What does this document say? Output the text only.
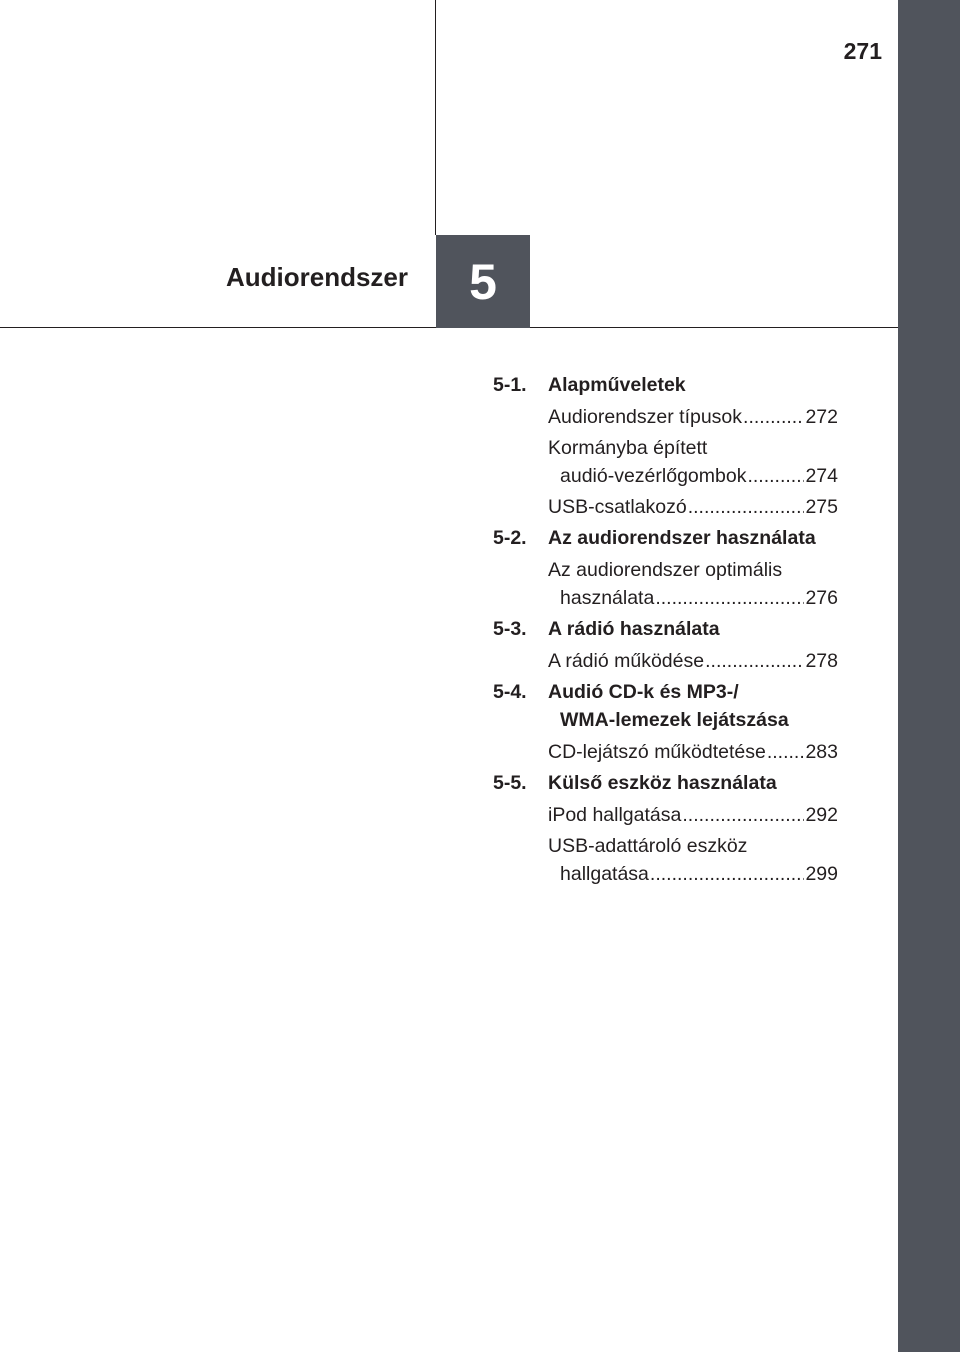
271
Audiorendszer 5
5-1.	Alapműveletek
Audiorendszer típusok .....	272
Kormányba épített
audió-vezérlőgombok .....	274
USB-csatlakozó .....	275
5-2.	Az audiorendszer használata
Az audiorendszer optimális
használata .....	276
5-3.	A rádió használata
A rádió működése .....	278
5-4.	Audió CD-k és MP3-/
WMA-lemezek lejátszása
CD-lejátszó működtetése ..... 283
5-5.	Külső eszköz használata
iPod hallgatása .....	292
USB-adattároló eszköz
hallgatása .....	299
